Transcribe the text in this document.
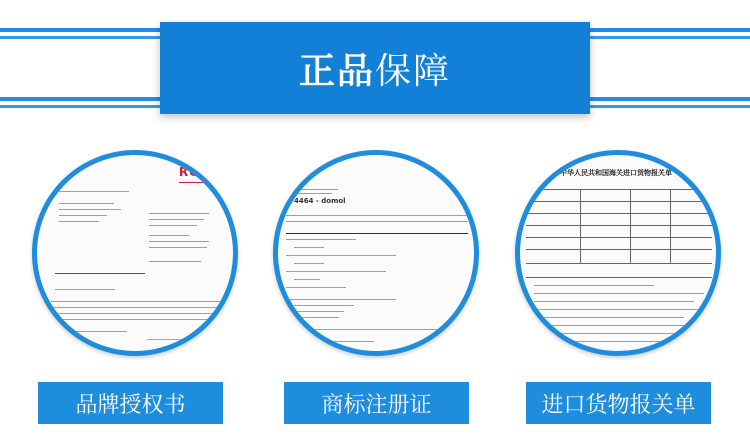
正品保障
ROSS
4464 - domol
中华人民共和国海关进口货物报关单
品牌授权书	商标注册证	进口货物报关单
